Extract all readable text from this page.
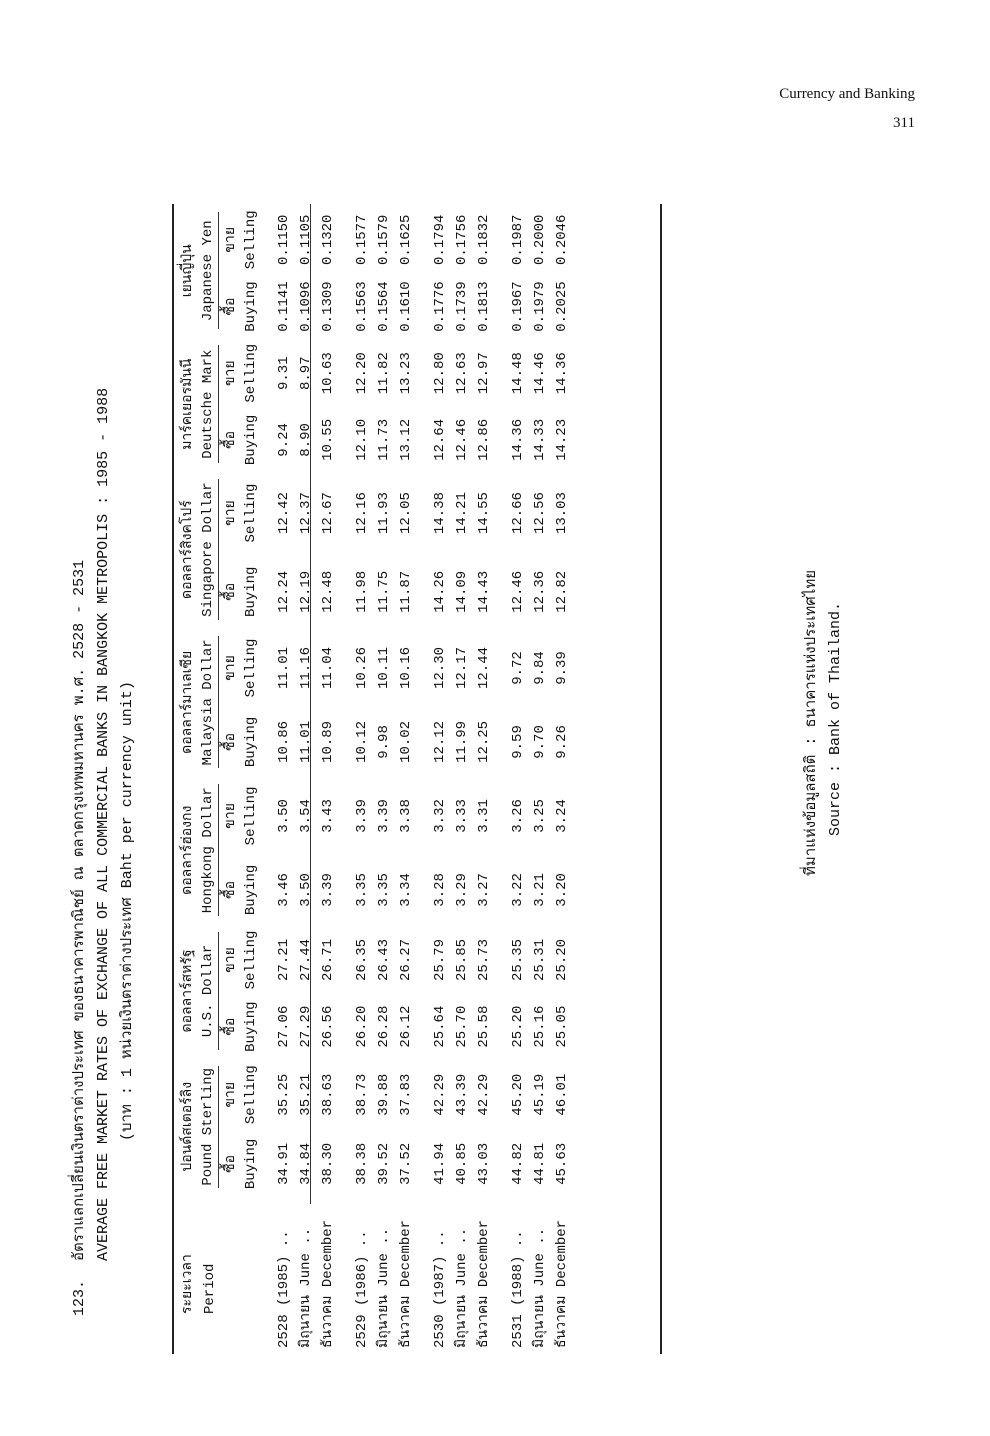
Currency and Banking
311
123.
อัตราแลกเปลี่ยนเงินตราต่างประเทศ ของธนาคารพาณิชย์ ณ ตลาดกรุงเทพมหานคร พ.ศ. 2528 - 2531 AVERAGE FREE MARKET RATES OF EXCHANGE OF ALL COMMERCIAL BANKS IN BANGKOK METROPOLIS : 1985 - 1988 (บาท : 1 หน่วยเงินตราต่างประเทศ Baht per currency unit)
ระยะเวลา	ปอนด์สเตอร์ลิง		ดอลลาร์สหรัฐ		ดอลลาร์ฮ่องกง		ดอลลาร์มาเลเซีย		ดอลลาร์สิงคโปร์		มาร์คเยอรมันนี		เยนญี่ปุ่น	
Period	Pound Sterling		U.S. Dollar		Hongkong Dollar		Malaysia Dollar		Singapore Dollar		Deutsche Mark		Japanese Yen	

	ซื้อ	ขาย	ซื้อ	ขาย	ซื้อ	ขาย	ซื้อ	ขาย	ซื้อ	ขาย	ซื้อ	ขาย	ซื้อ	ขาย
	Buying	Selling	Buying	Selling	Buying	Selling	Buying	Selling	Buying	Selling	Buying	Selling	Buying	Selling

2528 (1985) ..	34.91	35.25	27.06	27.21	3.46	3.50	10.86	11.01	12.24	12.42	9.24	9.31	0.1141	0.1150
มิถุนายน June ..	34.84	35.21	27.29	27.44	3.50	3.54	11.01	11.16	12.19	12.37	8.90	8.97	0.1096	0.1105
ธันวาคม December	38.30	38.63	26.56	26.71	3.39	3.43	10.89	11.04	12.48	12.67	10.55	10.63	0.1309	0.1320

2529 (1986) ..	38.38	38.73	26.20	26.35	3.35	3.39	10.12	10.26	11.98	12.16	12.10	12.20	0.1563	0.1577
มิถุนายน June ..	39.52	39.88	26.28	26.43	3.35	3.39	9.98	10.11	11.75	11.93	11.73	11.82	0.1564	0.1579
ธันวาคม December	37.52	37.83	26.12	26.27	3.34	3.38	10.02	10.16	11.87	12.05	13.12	13.23	0.1610	0.1625

2530 (1987) ..	41.94	42.29	25.64	25.79	3.28	3.32	12.12	12.30	14.26	14.38	12.64	12.80	0.1776	0.1794
มิถุนายน June ..	40.85	43.39	25.70	25.85	3.29	3.33	11.99	12.17	14.09	14.21	12.46	12.63	0.1739	0.1756
ธันวาคม December	43.03	42.29	25.58	25.73	3.27	3.31	12.25	12.44	14.43	14.55	12.86	12.97	0.1813	0.1832

2531 (1988) ..	44.82	45.20	25.20	25.35	3.22	3.26	9.59	9.72	12.46	12.66	14.36	14.48	0.1967	0.1987
มิถุนายน June ..	44.81	45.19	25.16	25.31	3.21	3.25	9.70	9.84	12.36	12.56	14.33	14.46	0.1979	0.2000
ธันวาคม December	45.63	46.01	25.05	25.20	3.20	3.24	9.26	9.39	12.82	13.03	14.23	14.36	0.2025	0.2046
ที่มาแห่งข้อมูลสถิติ : ธนาคารแห่งประเทศไทย Source : Bank of Thailand.
